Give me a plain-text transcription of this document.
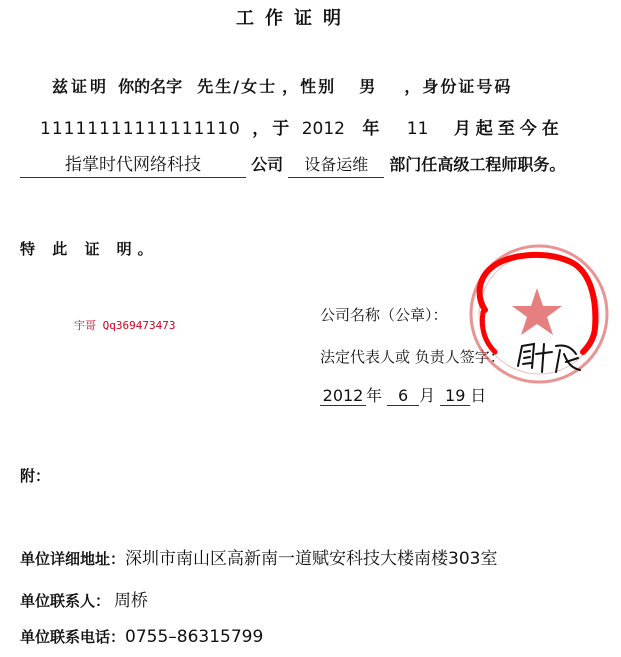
工作证明
兹证明 你的名字 先生/女士 ，性别 男 ，身份证号码
11111111111111110 ，于 2012 年 11 月起至今在
指掌时代网络科技	公司 设备运维 部门任高级工程师职务。
特 此 证 明。
宇哥 Qq369473473
公司名称（公章）：
法定代表人或 负责人签字：
2012 年 6 月 19 日
附：
单位详细地址：深圳市南山区高新南一道赋安科技大楼南楼303室
单位联系人： 周桥
单位联系电话：0755–86315799
